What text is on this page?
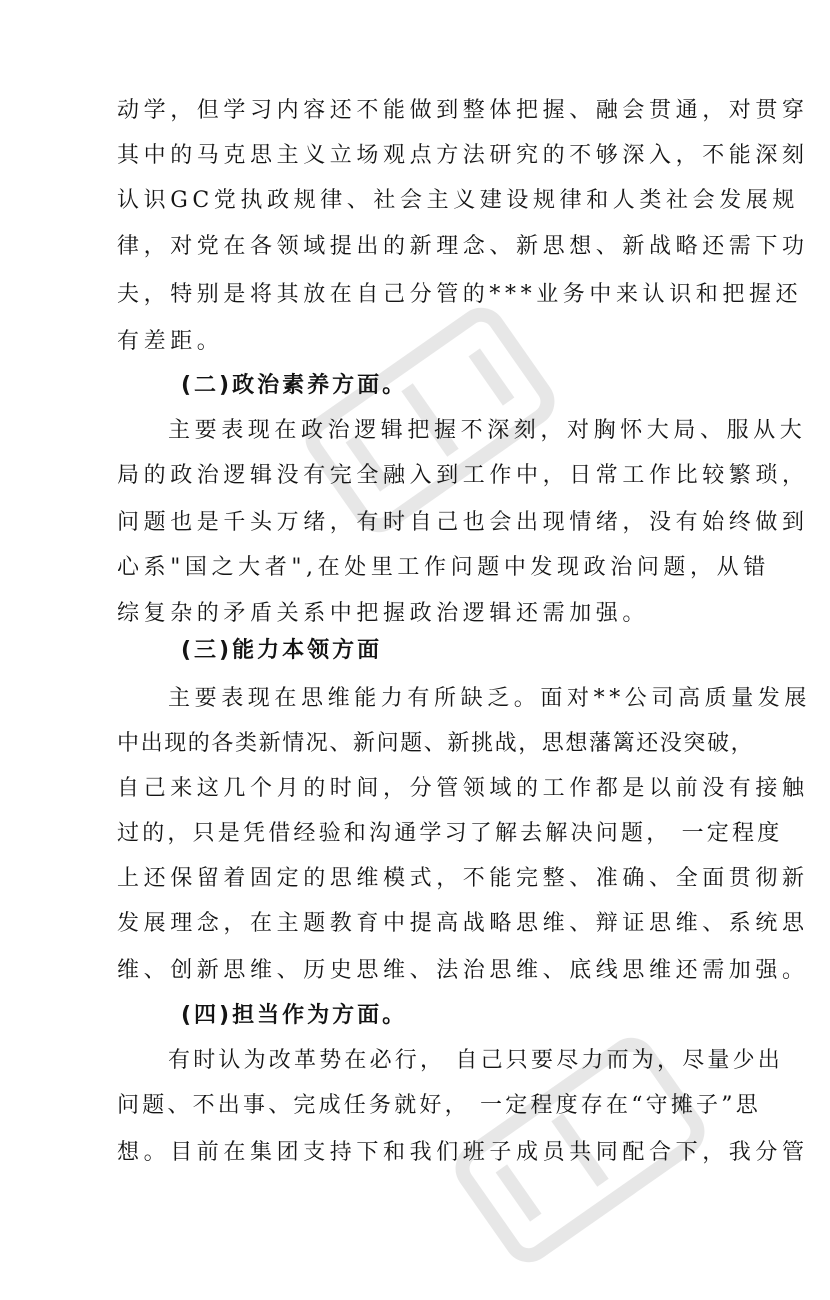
动学，但学习内容还不能做到整体把握、融会贯通，对贯穿
其中的马克思主义立场观点方法研究的不够深入，不能深刻
认识GC党执政规律、社会主义建设规律和人类社会发展规
律，对党在各领域提出的新理念、新思想、新战略还需下功
夫，特别是将其放在自己分管的***业务中来认识和把握还
有差距。
(二)政治素养方面。
主要表现在政治逻辑把握不深刻，对胸怀大局、服从大
局的政治逻辑没有完全融入到工作中，日常工作比较繁琐，
问题也是千头万绪，有时自己也会出现情绪，没有始终做到
心系"国之大者",在处里工作问题中发现政治问题，从错
综复杂的矛盾关系中把握政治逻辑还需加强。
(三)能力本领方面
主要表现在思维能力有所缺乏。面对**公司高质量发展
中出现的各类新情况、新问题、新挑战，思想藩篱还没突破，
自己来这几个月的时间，分管领域的工作都是以前没有接触
过的，只是凭借经验和沟通学习了解去解决问题， 一定程度
上还保留着固定的思维模式，不能完整、准确、全面贯彻新
发展理念，在主题教育中提高战略思维、辩证思维、系统思
维、创新思维、历史思维、法治思维、底线思维还需加强。
(四)担当作为方面。
有时认为改革势在必行， 自己只要尽力而为，尽量少出
问题、不出事、完成任务就好， 一定程度存在“守摊子”思
想。目前在集团支持下和我们班子成员共同配合下，我分管
